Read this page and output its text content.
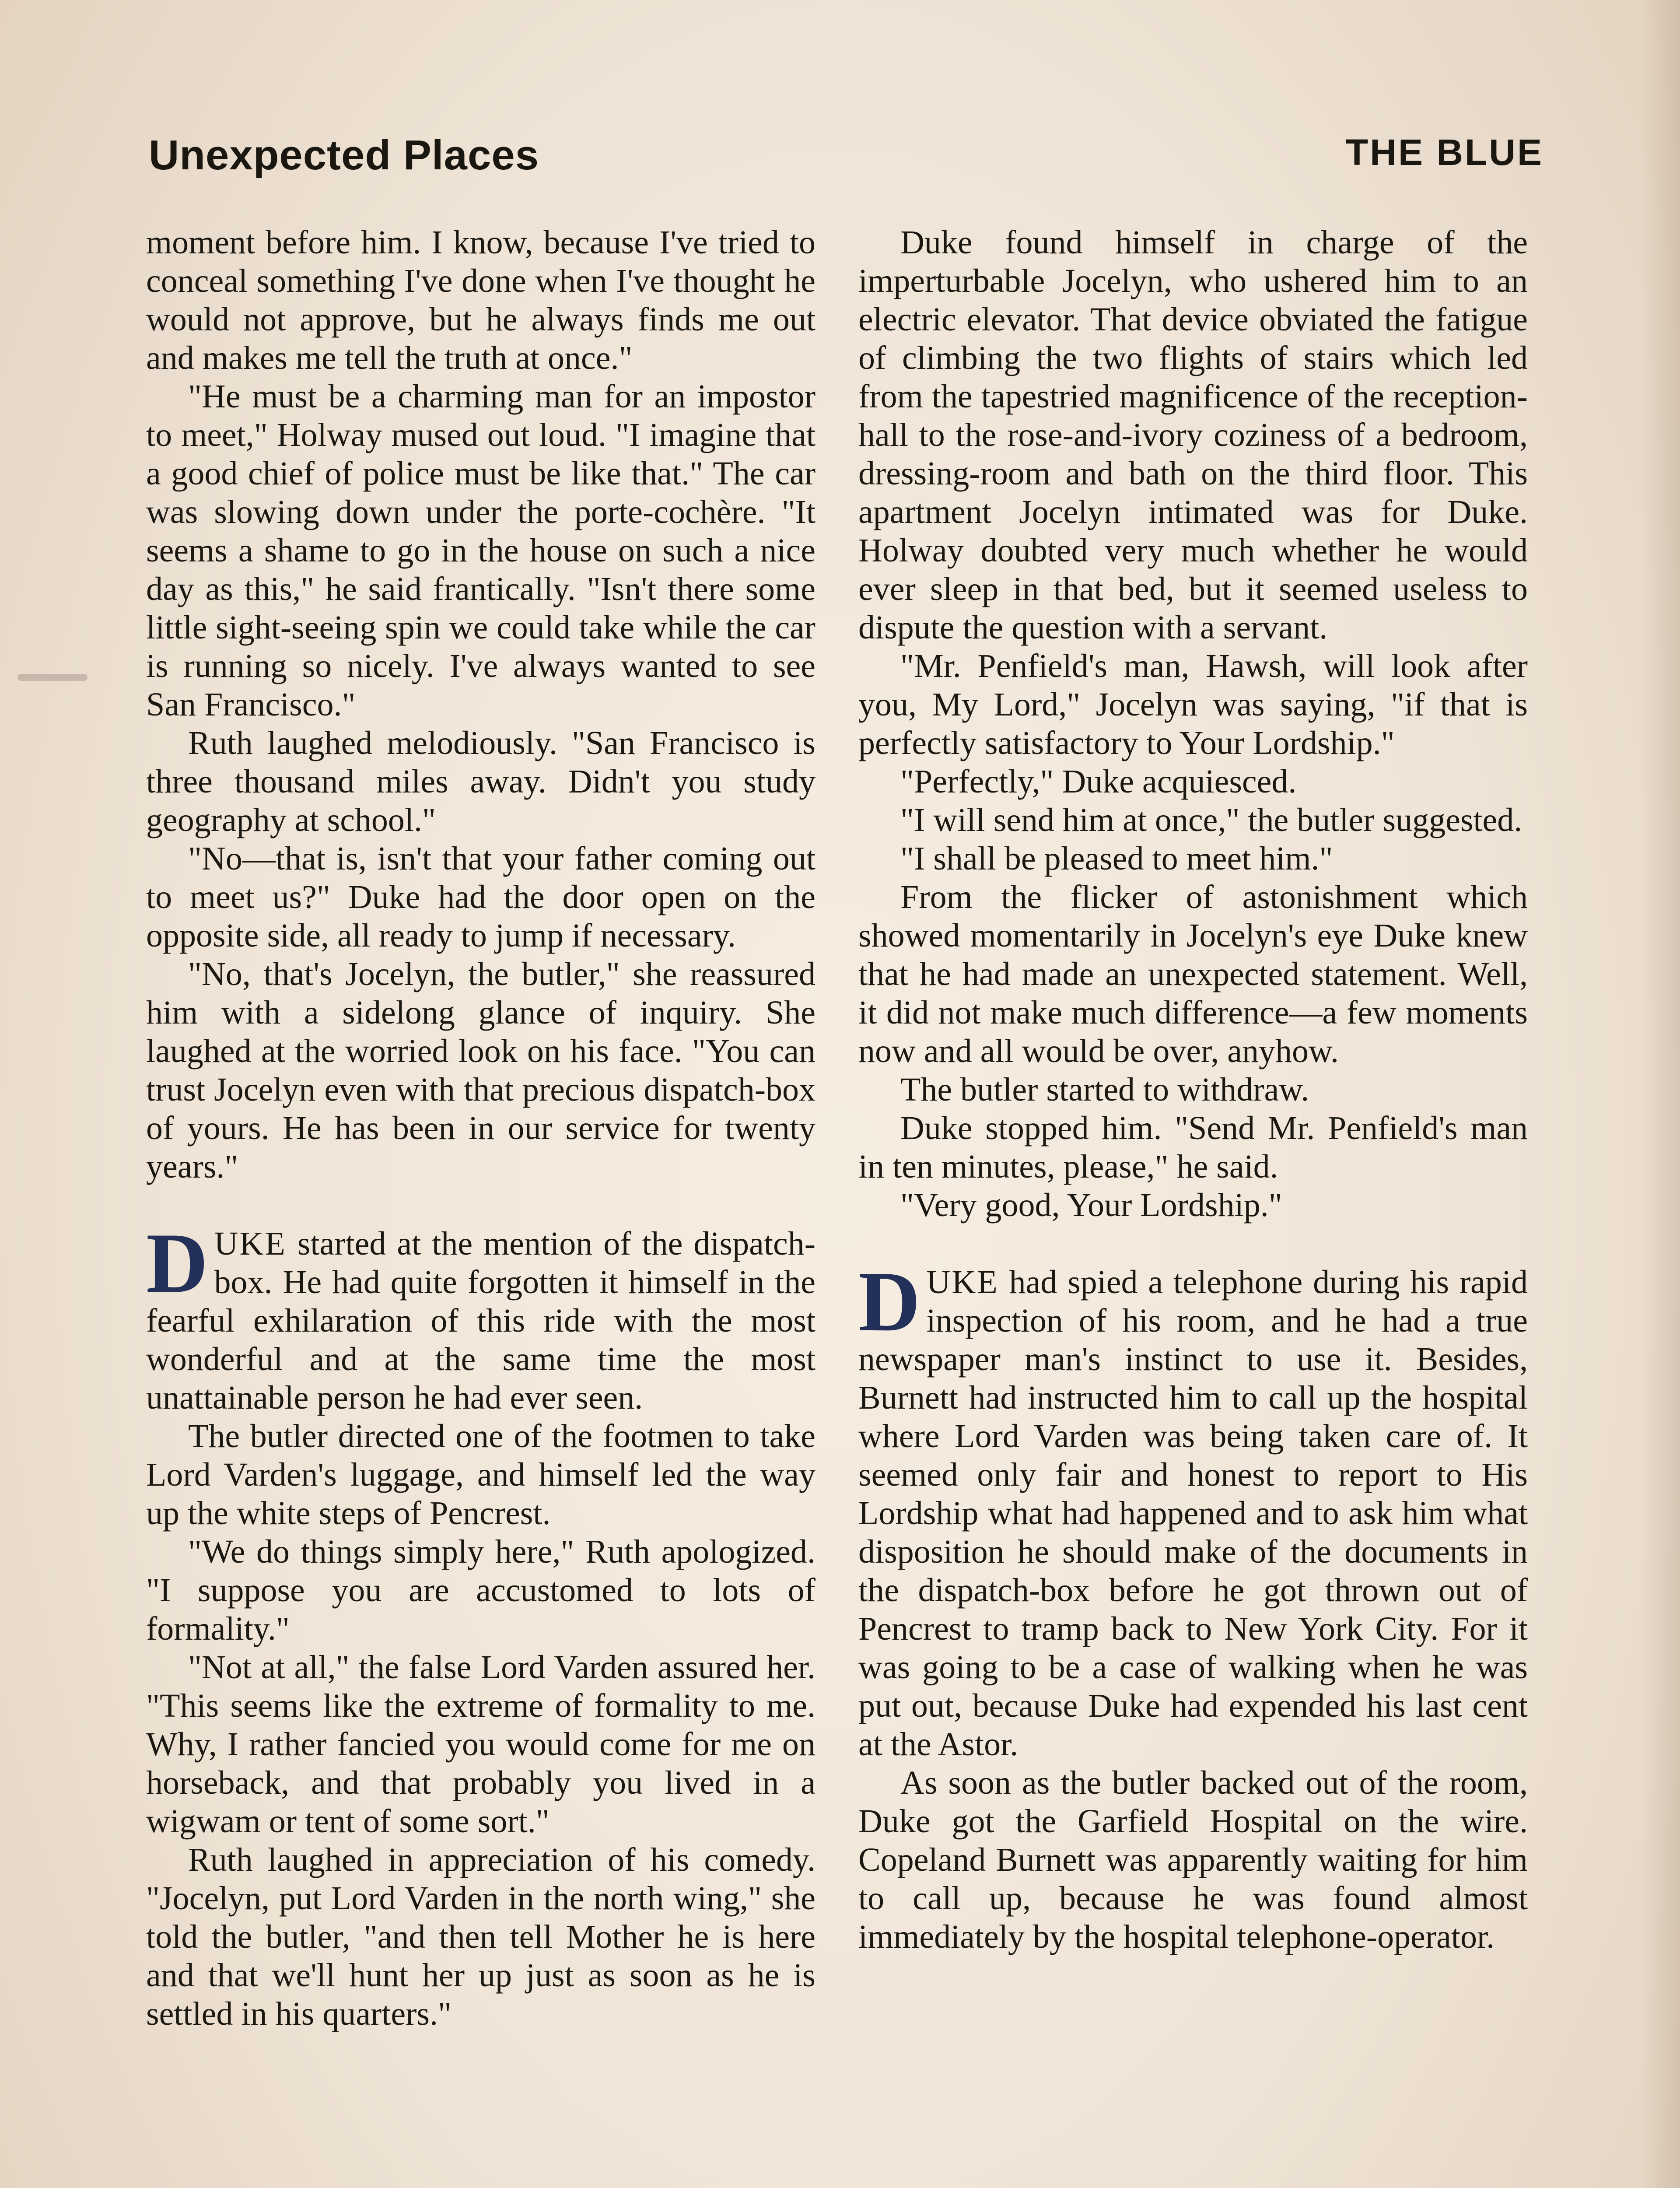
Unexpected Places	THE BLUE

moment before him. I know, because I've tried to conceal something I've done when I've thought he would not approve, but he always finds me out and makes me tell the truth at once."

"He must be a charming man for an impostor to meet," Holway mused out loud. "I imagine that a good chief of police must be like that." The car was slowing down under the porte-cochère. "It seems a shame to go in the house on such a nice day as this," he said frantically. "Isn't there some little sight-seeing spin we could take while the car is running so nicely. I've always wanted to see San Francisco."

Ruth laughed melodiously. "San Francisco is three thousand miles away. Didn't you study geography at school."

"No—that is, isn't that your father coming out to meet us?" Duke had the door open on the opposite side, all ready to jump if necessary.

"No, that's Jocelyn, the butler," she reassured him with a sidelong glance of inquiry. She laughed at the worried look on his face. "You can trust Jocelyn even with that precious dispatch-box of yours. He has been in our service for twenty years."

DUKE started at the mention of the dispatch-box. He had quite forgotten it himself in the fearful exhilaration of this ride with the most wonderful and at the same time the most unattainable person he had ever seen.

The butler directed one of the footmen to take Lord Varden's luggage, and himself led the way up the white steps of Pencrest.

"We do things simply here," Ruth apologized. "I suppose you are accustomed to lots of formality."

"Not at all," the false Lord Varden assured her. "This seems like the extreme of formality to me. Why, I rather fancied you would come for me on horseback, and that probably you lived in a wigwam or tent of some sort."

Ruth laughed in appreciation of his comedy. "Jocelyn, put Lord Varden in the north wing," she told the butler, "and then tell Mother he is here and that we'll hunt her up just as soon as he is settled in his quarters."

Duke found himself in charge of the imperturbable Jocelyn, who ushered him to an electric elevator. That device obviated the fatigue of climbing the two flights of stairs which led from the tapestried magnificence of the reception-hall to the rose-and-ivory coziness of a bedroom, dressing-room and bath on the third floor. This apartment Jocelyn intimated was for Duke. Holway doubted very much whether he would ever sleep in that bed, but it seemed useless to dispute the question with a servant.

"Mr. Penfield's man, Hawsh, will look after you, My Lord," Jocelyn was saying, "if that is perfectly satisfactory to Your Lordship."

"Perfectly," Duke acquiesced.

"I will send him at once," the butler suggested.

"I shall be pleased to meet him."

From the flicker of astonishment which showed momentarily in Jocelyn's eye Duke knew that he had made an unexpected statement. Well, it did not make much difference—a few moments now and all would be over, anyhow.

The butler started to withdraw.

Duke stopped him. "Send Mr. Penfield's man in ten minutes, please," he said.

"Very good, Your Lordship."

DUKE had spied a telephone during his rapid inspection of his room, and he had a true newspaper man's instinct to use it. Besides, Burnett had instructed him to call up the hospital where Lord Varden was being taken care of. It seemed only fair and honest to report to His Lordship what had happened and to ask him what disposition he should make of the documents in the dispatch-box before he got thrown out of Pencrest to tramp back to New York City. For it was going to be a case of walking when he was put out, because Duke had expended his last cent at the Astor.

As soon as the butler backed out of the room, Duke got the Garfield Hospital on the wire. Copeland Burnett was apparently waiting for him to call up, because he was found almost immediately by the hospital telephone-operator.
